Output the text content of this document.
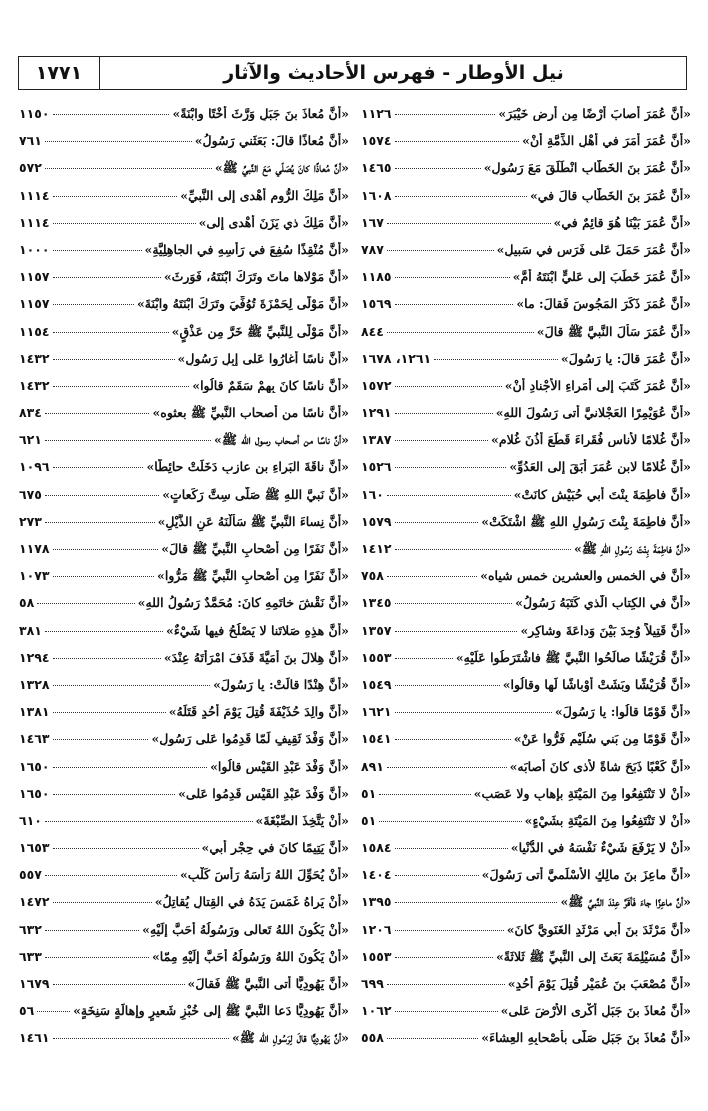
نيل الأوطار - فهرس الأحاديث والآثار
١٧٧١
«أنَّ عُمَرَ أصابَ أرْضًا مِن أرضِ خَيْبَرَ»
١١٢٦
«أنَّ عُمَرَ أمَرَ في أهْلِ الذِّمَّةِ أنْ»
١٥٧٤
«أنَّ عُمَرَ بنَ الخَطَّابِ انْطَلَقَ مَعَ رَسُولِ»
١٤٦٥
«أنَّ عُمَرَ بنَ الخَطَّابِ قالَ في»
١٦٠٨
«أنَّ عُمَرَ بَيْنَا هُوَ قائِمٌ في»
١٦٧
«أنَّ عُمَرَ حَمَلَ عَلى فَرَسٍ في سَبيلِ»
٧٨٧
«أنَّ عُمَرَ خَطَبَ إلى عَليٍّ ابْنَتَهُ أُمَّ»
١١٨٥
«أنَّ عُمَرَ ذَكَرَ المَجُوسَ فَقالَ: ما»
١٥٦٩
«أنَّ عُمَرَ سَألَ النَّبيَّ ﷺ قالَ»
٨٤٤
«أنَّ عُمَرَ قالَ: يا رَسُولَ»
١٢٦١، ١٦٧٨
«أنَّ عُمَرَ كَتَبَ إلى أُمَراءِ الأجْنادِ أنْ»
١٥٧٢
«أنَّ عُوَيْمِرًا العَجْلانيَّ أتى رَسُولَ اللهِ»
١٢٩١
«أنَّ غُلامًا لأُناسٍ فُقَراءَ قَطَعَ أُذُنَ غُلامٍ»
١٣٨٧
«أنَّ غُلامًا لابنِ عُمَرَ أبَقَ إلى العَدُوِّ»
١٥٢٦
«أنَّ فاطِمَةَ بِنْتَ أبي حُبَيْشٍ كانَتْ»
١٦٠
«أنَّ فاطِمَةَ بِنْتَ رَسُولِ اللهِ ﷺ اشْتَكَتْ»
١٥٧٩
«أنَّ فاطِمَةَ بِنْتَ رَسُولِ اللهِ ﷺ»
١٤١٢
«أنَّ في الخمس والعشرين خمس شياه»
٧٥٨
«أنَّ في الكِتابِ الَّذي كَتَبَهُ رَسُولُ»
١٣٤٥
«أنَّ قَتِيلاً وُجِدَ بَيْنَ وَداعَةَ وشاكِرٍ»
١٣٥٧
«أنَّ قُرَيْشًا صالَحُوا النَّبيَّ ﷺ فاشْتَرَطُوا عَلَيْهِ»
١٥٥٣
«أنَّ قُرَيْشًا وبَشَتْ أوْباشًا لَها وقالُوا»
١٥٤٩
«أنَّ قَوْمًا قالُوا: يا رَسُولَ»
١٦٢١
«أنَّ قَوْمًا مِن بَني سُلَيْمٍ فَرُّوا عَنْ»
١٥٤١
«أنَّ كَعْبًا ذَبَحَ شاةً لأذى كانَ أصابَه»
٨٩١
«أنْ لا تَنْتَفِعُوا مِنَ المَيْتَةِ بإهابٍ ولا عَصَبٍ»
٥١
«أنْ لا تَنْتَفِعُوا مِنَ المَيْتَةِ بشَيْءٍ»
٥١
«أنْ لا يَرْفَعَ شَيْءٌ نَفْسَهُ في الدُّنْيا»
١٥٨٤
«أنَّ ماعِزَ بنَ مالِكٍ الأسْلَميَّ أتى رَسُولَ»
١٤٠٤
«أنَّ ماعِزًا جاءَ فَأقَرَّ عِنْدَ النَّبيِّ ﷺ»
١٣٩٥
«أنَّ مَرْثَدَ بنَ أبي مَرْثَدٍ الغَنَويَّ كانَ»
١٢٠٦
«أنَّ مُسَيْلِمَةَ بَعَثَ إلى النَّبيِّ ﷺ ثَلاثَةً»
١٥٥٣
«أنَّ مُصْعَبَ بنَ عُمَيْرٍ قُتِلَ يَوْمَ أُحُدٍ»
٦٩٩
«أنَّ مُعاذَ بنَ جَبَلٍ أكْرى الأرْضَ عَلى»
١٠٦٢
«أنَّ مُعاذَ بنَ جَبَلٍ صَلّى بأصْحابِهِ العِشاءَ»
٥٥٨
«أنَّ مُعاذَ بنَ جَبَلٍ وَرَّثَ أُخْتًا وابْنَةً»
١١٥٠
«أنَّ مُعاذًا قالَ: بَعَثَني رَسُولُ»
٧٦١
«أنَّ مُعاذًا كانَ يُصَلّي مَعَ النَّبيِّ ﷺ»
٥٧٢
«أنَّ مَلِكَ الرُّومِ أهْدى إلى النَّبيِّ»
١١١٤
«أنَّ مَلِكَ ذي يَزَنَ أهْدى إلى»
١١١٤
«أنَّ مُنْقِذًا سُفِعَ في رَأْسِهِ في الجاهِلِيَّةِ»
١٠٠٠
«أنَّ مَوْلاها ماتَ وتَرَكَ ابْنَتَهُ، فَوَرِثَ»
١١٥٧
«أنَّ مَوْلًى لِحَمْزَةَ تُوُفِّيَ وتَرَكَ ابْنَتَهُ وابْنَةَ»
١١٥٧
«أنَّ مَوْلًى لِلنَّبيِّ ﷺ خَرَّ مِن عَذْقٍ»
١١٥٤
«أنَّ ناسًا أغارُوا عَلى إبِلِ رَسُولِ»
١٤٣٢
«أنَّ ناسًا كانَ بِهِمْ سَقَمٌ قالُوا»
١٤٣٢
«أنَّ ناسًا من أصحاب النَّبيِّ ﷺ بعثوه»
٨٣٤
«أنَّ ناسًا من أصحاب رسول الله ﷺ»
٦٢١
«أنَّ ناقَةَ البَراءِ بنِ عازِبٍ دَخَلَتْ حائِطًا»
١٠٩٦
«أنَّ نَبيَّ اللهِ ﷺ صَلّى سِتَّ رَكَعاتٍ»
٦٧٥
«أنَّ نِساءَ النَّبيِّ ﷺ سَألْنَهُ عَنِ الذَّيْلِ»
٢٧٣
«أنَّ نَفَرًا مِن أصْحابِ النَّبيِّ ﷺ قالَ»
١١٧٨
«أنَّ نَفَرًا مِن أصْحابِ النَّبيِّ ﷺ مَرُّوا»
١٠٧٣
«أنَّ نَقْشَ خاتَمِهِ كانَ: مُحَمَّدٌ رَسُولُ اللهِ»
٥٨
«أنَّ هذِهِ صَلاتَنا لا يَصْلُحُ فيها شَيْءٌ»
٣٨١
«أنَّ هِلالَ بنَ أُمَيَّةَ قَذَفَ امْرَأتَهُ عِنْدَ»
١٢٩٤
«أنَّ هِنْدًا قالَتْ: يا رَسُولَ»
١٣٢٨
«أنَّ والِدَ حُذَيْفَةَ قُتِلَ يَوْمَ أُحُدٍ قَتَلَهُ»
١٣٨١
«أنَّ وَفْدَ ثَقِيفٍ لَمّا قَدِمُوا عَلى رَسُولِ»
١٤٦٣
«أنَّ وَفْدَ عَبْدِ القَيْسِ قالُوا»
١٦٥٠
«أنَّ وَفْدَ عَبْدِ القَيْسِ قَدِمُوا عَلى»
١٦٥٠
«أنْ يَتَّخِذَ الصِّبْغَةَ»
٦١٠
«أنَّ يَتِيمًا كانَ في حِجْرِ أبي»
١٦٥٣
«أنْ يُحَوِّلَ اللهُ رَأسَهُ رَأسَ كَلْبٍ»
٥٥٧
«أنْ يَراهُ غَمَسَ يَدَهُ في القِتالِ يُقاتِلُ»
١٤٧٢
«أنْ يَكُونَ اللهُ تَعالى ورَسُولُهُ أحَبَّ إلَيْهِ»
٦٣٢
«أنْ يَكُونَ اللهُ ورَسُولُهُ أحَبَّ إلَيْهِ مِمّا»
٦٣٣
«أنَّ يَهُودِيًّا أتى النَّبيَّ ﷺ فَقالَ»
١٦٧٩
«أنَّ يَهُودِيًّا دَعا النَّبيَّ ﷺ إلى خُبْزِ شَعيرٍ وإهالَةٍ سَنِخَةٍ»
٥٦
«أنَّ يَهُودِيًّا قالَ لِرَسُولِ الله ﷺ»
١٤٦١
